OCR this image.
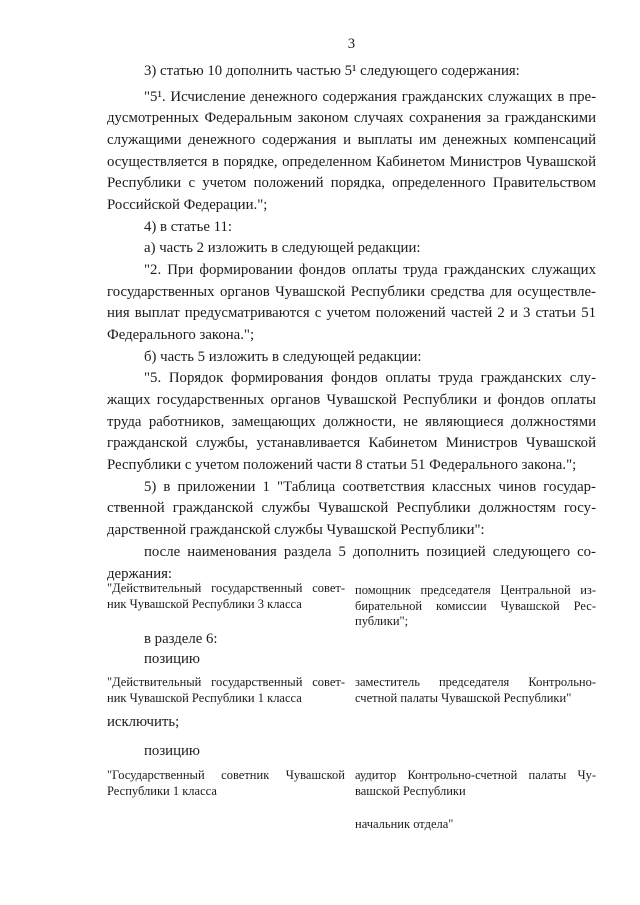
3
3) статью 10 дополнить частью 5¹ следующего содержания:
"5¹. Исчисление денежного содержания гражданских служащих в пре-
дусмотренных Федеральным законом случаях сохранения за гражданскими
служащими денежного содержания и выплаты им денежных компенсаций
осуществляется в порядке, определенном Кабинетом Министров Чувашской
Республики с учетом положений порядка, определенного Правительством
Российской Федерации.";
4) в статье 11:
а) часть 2 изложить в следующей редакции:
"2. При формировании фондов оплаты труда гражданских служащих
государственных органов Чувашской Республики средства для осуществле-
ния выплат предусматриваются с учетом положений частей 2 и 3 статьи 51
Федерального закона.";
б) часть 5 изложить в следующей редакции:
"5. Порядок формирования фондов оплаты труда гражданских слу-
жащих государственных органов Чувашской Республики и фондов оплаты
труда работников, замещающих должности, не являющиеся должностями
гражданской службы, устанавливается Кабинетом Министров Чувашской
Республики с учетом положений части 8 статьи 51 Федерального закона.";
5) в приложении 1 "Таблица соответствия классных чинов государ-
ственной гражданской службы Чувашской Республики должностям госу-
дарственной гражданской службы Чувашской Республики":
после наименования раздела 5 дополнить позицией следующего со-
держания:
"Действительный государственный совет-
ник Чувашской Республики 3 класса
помощник председателя Центральной из-
бирательной комиссии Чувашской Рес-
публики";
в разделе 6:
позицию
"Действительный государственный совет-
ник Чувашской Республики 1 класса
заместитель председателя Контрольно-
счетной палаты Чувашской Республики"
исключить;
позицию
"Государственный советник Чувашской
Республики 1 класса
аудитор Контрольно-счетной палаты Чу-
вашской Республики
начальник отдела"
